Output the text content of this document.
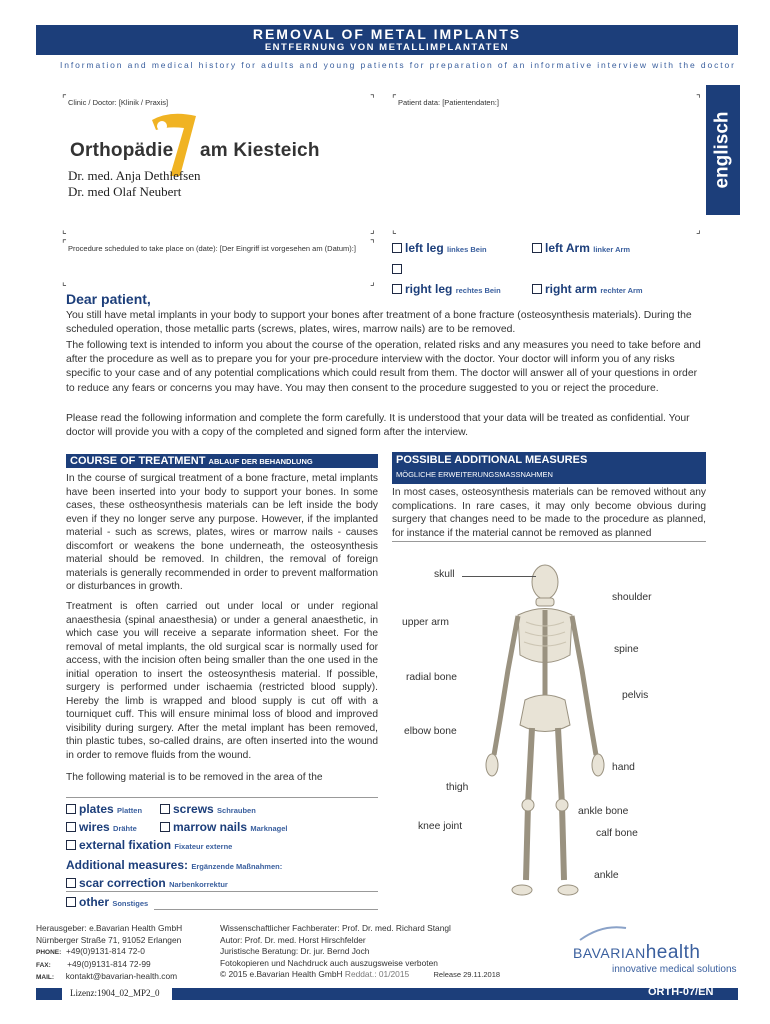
REMOVAL OF METAL IMPLANTS
ENTFERNUNG VON METALLIMPLANTATEN
Information and medical history for adults and young patients for preparation of an informative interview with the doctor
englisch
⌜ Clinic / Doctor: [Klinik / Praxis]	⌝
Orthopädie am Kiesteich
Dr. med. Anja Dethlefsen
Dr. med Olaf Neubert
⌜ Patient data: [Patientendaten:]	⌝
⌞	⌟ ⌞	⌟
⌜ Procedure scheduled to take place on (date): [Der Eingriff ist vorgesehen am (Datum):] ⌝
⌞	⌟
left leg linkes Bein	left Arm linker Arm
right leg rechtes Bein	right arm rechter Arm
Dear patient,
You still have metal implants in your body to support your bones after treatment of a bone fracture (osteosynthesis materials). During the scheduled operation, those metallic parts (screws, plates, wires, marrow nails) are to be removed.
The following text is intended to inform you about the course of the operation, related risks and any measures you need to take before and after the procedure as well as to prepare you for your pre-procedure interview with the doctor. Your doctor will inform you of any risks specific to your case and of any potential complications which could result from them. The doctor will answer all of your questions in order to reduce any fears or concerns you may have. You may then consent to the procedure suggested to you or reject the procedure.
Please read the following information and complete the form carefully. It is understood that your data will be treated as confidential. Your doctor will provide you with a copy of the completed and signed form after the interview.
COURSE OF TREATMENT ABLAUF DER BEHANDLUNG
In the course of surgical treatment of a bone fracture, metal implants have been inserted into your body to support your bones. In some cases, these ostheosynthesis materials can be left inside the body even if they no longer serve any purpose. However, if the implanted material - such as screws, plates, wires or marrow nails - causes discomfort or weakens the bone underneath, the osteosynthesis material should be removed. In children, the removal of foreign materials is generally recommended in order to prevent malformation or disturbances in growth.
Treatment is often carried out under local or under regional anaesthesia (spinal anaesthesia) or under a general anaesthetic, in which case you will receive a separate information sheet. For the removal of metal implants, the old surgical scar is normally used for access, with the incision often being smaller than the one used in the initial operation to insert the osteosynthesis material. If possible, surgery is performed under ischaemia (restricted blood supply). Hereby the limb is wrapped and blood supply is cut off with a tourniquet cuff. This will ensure minimal loss of blood and improved visibility during surgery. After the metal implant has been removed, thin plastic tubes, so-called drains, are often inserted into the wound in order to remove fluids from the wound.
The following material is to be removed in the area of the
plates Platten	screws Schrauben
wires Drähte	marrow nails Marknagel
external fixation Fixateur externe
Additional measures: Ergänzende Maßnahmen:
scar correction Narbenkorrektur
other Sonstiges
POSSIBLE ADDITIONAL MEASURES
MÖGLICHE ERWEITERUNGSMASSNAHMEN
In most cases, osteosynthesis materials can be removed without any complications. In rare cases, it may only become obvious during surgery that changes need to be made to the procedure as planned, for instance if the material cannot be removed as planned
skull
shoulder
upper arm
spine
radial bone
pelvis
elbow bone
hand
thigh
ankle bone
knee joint
calf bone
ankle
Herausgeber: e.Bavarian Health GmbH
Nürnberger Straße 71, 91052 Erlangen
PHONE: +49(0)9131-814 72-0
FAX: +49(0)9131-814 72-99
MAIL: kontakt@bavarian-health.com
Wissenschaftlicher Fachberater: Prof. Dr. med. Richard Stangl
Autor: Prof. Dr. med. Horst Hirschfelder
Juristische Beratung: Dr. jur. Bernd Joch
Fotokopieren und Nachdruck auch auszugsweise verboten
© 2015 e.Bavarian Health GmbH Reddat.: 01/2015	Release 29.11.2018
BAVARIANhealth
innovative medical solutions
Lizenz:1904_02_MP2_0	ORTH-07/EN
